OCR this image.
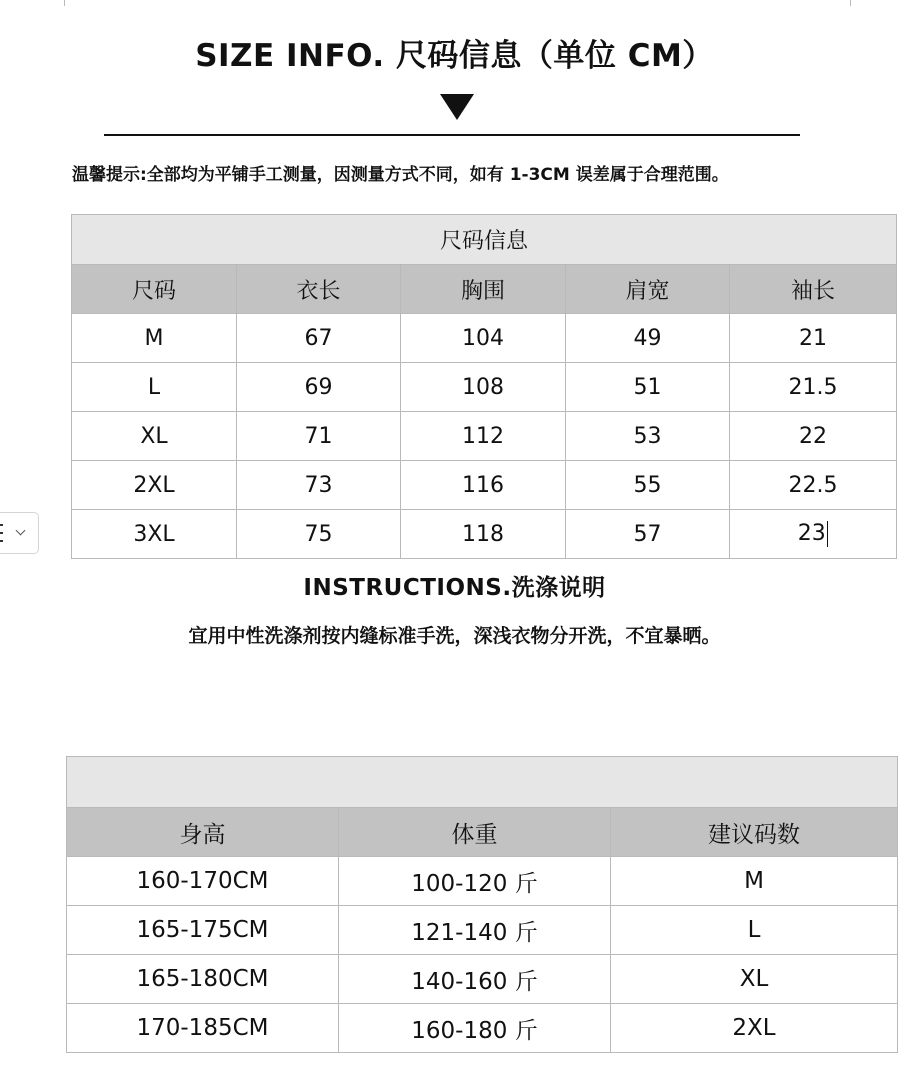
SIZE INFO. 尺码信息（单位 CM）
温馨提示:全部均为平铺手工测量，因测量方式不同，如有 1-3CM 误差属于合理范围。
尺码信息				
尺码	衣长	胸围	肩宽	袖长
M	67	104	49	21
L	69	108	51	21.5
XL	71	112	53	22
2XL	73	116	55	22.5
3XL	75	118	57	23
INSTRUCTIONS.洗涤说明
宜用中性洗涤剂按内缝标准手洗，深浅衣物分开洗，不宜暴晒。

身高	体重	建议码数
160-170CM	100-120 斤	M
165-175CM	121-140 斤	L
165-180CM	140-160 斤	XL
170-185CM	160-180 斤	2XL
